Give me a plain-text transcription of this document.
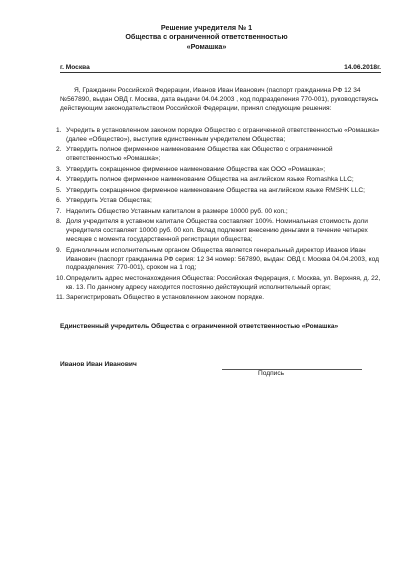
Решение учредителя № 1
Общества с ограниченной ответственностью
«Ромашка»
г. Москва	14.06.2018г.

Я, Гражданин Российской Федерации, Иванов Иван Иванович (паспорт гражданина РФ 12 34 №567890, выдан ОВД г. Москва, дата выдачи 04.04.2003 , код подразделения 770-001), руководствуясь действующим законодательством Российской Федерации, принял следующие решения:

1. Учредить в установленном законом порядке Общество с ограниченной ответственностью «Ромашка» (далее «Общество»), выступив единственным учредителем Общества;
2. Утвердить полное фирменное наименование Общества как Общество с ограниченной ответственностью «Ромашка»;
3. Утвердить сокращенное фирменное наименование Общества как ООО «Ромашка»;
4. Утвердить полное фирменное наименование Общества на английском языке Romashka LLC;
5. Утвердить сокращенное фирменное наименование Общества на английском языке RMSHK LLC;
6. Утвердить Устав Общества;
7. Наделить Общество Уставным капиталом в размере 10000 руб. 00 коп.;
8. Доля учредителя в уставном капитале Общества составляет 100%. Номинальная стоимость доли учредителя составляет 10000 руб. 00 коп. Вклад подлежит внесению деньгами в течение четырех месяцев с момента государственной регистрации общества;
9. Единоличным исполнительным органом Общества является генеральный директор Иванов Иван Иванович (паспорт гражданина РФ серия: 12 34 номер: 567890, выдан: ОВД г. Москва 04.04.2003, код подразделения: 770-001), сроком на 1 год;
10. Определить адрес местонахождения Общества: Российская Федерация, г. Москва, ул. Верхняя, д. 22, кв. 13. По данному адресу находится постоянно действующий исполнительный орган;
11. Зарегистрировать Общество в установленном законом порядке.
Единственный учредитель Общества с ограниченной ответственностью «Ромашка»
Иванов Иван Иванович
Подпись
